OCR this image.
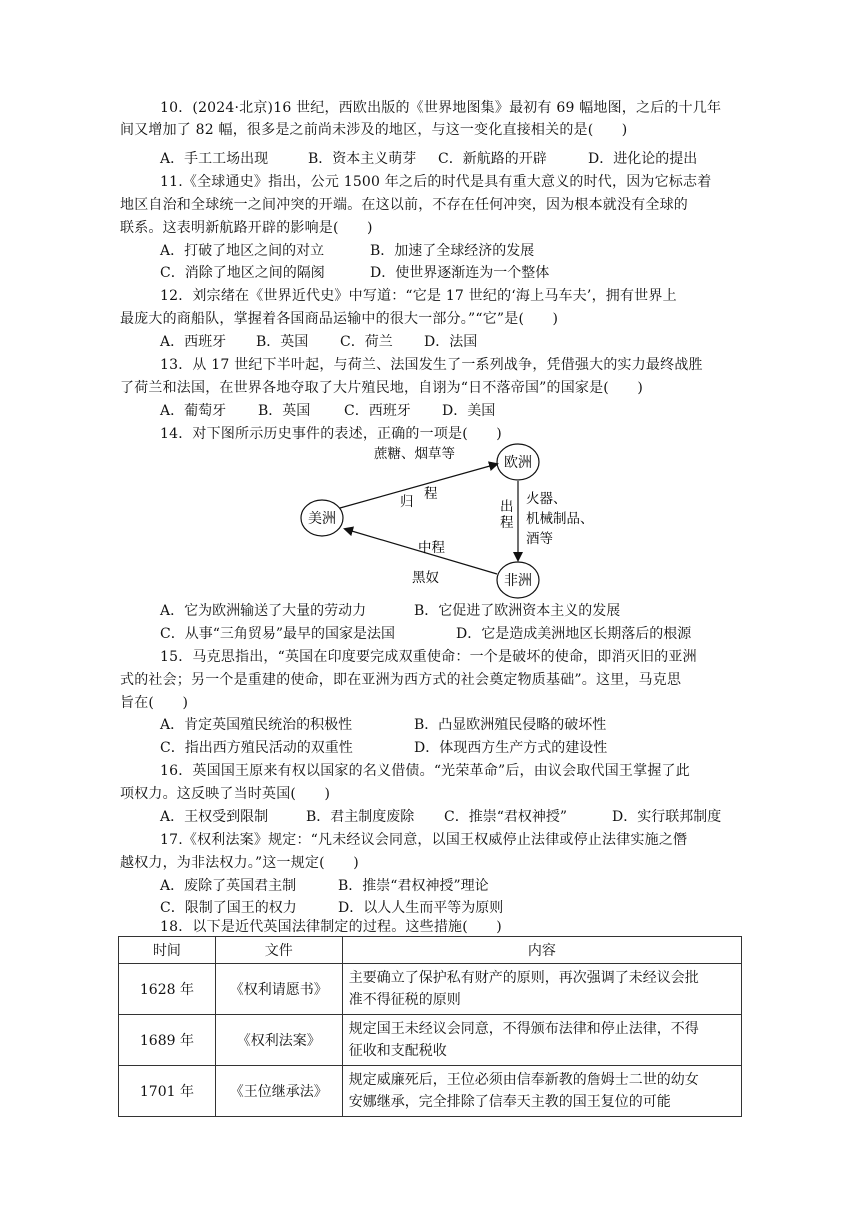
10．(2024·北京)16 世纪，西欧出版的《世界地图集》最初有 69 幅地图，之后的十几年
间又增加了 82 幅，很多是之前尚未涉及的地区，与这一变化直接相关的是(　　)
A．手工工场出现	B．资本主义萌芽 C．新航路的开辟	D．进化论的提出
11.《全球通史》指出，公元 1500 年之后的时代是具有重大意义的时代，因为它标志着
地区自治和全球统一之间冲突的开端。在这以前，不存在任何冲突，因为根本就没有全球的
联系。这表明新航路开辟的影响是(　　)
A．打破了地区之间的对立	B．加速了全球经济的发展
C．消除了地区之间的隔阂	D．使世界逐渐连为一个整体
12．刘宗绪在《世界近代史》中写道：“它是 17 世纪的‘海上马车夫’，拥有世界上
最庞大的商船队，掌握着各国商品运输中的很大一部分。”“它”是(　　)
A．西班牙 B．英国 C．荷兰 D．法国
13．从 17 世纪下半叶起，与荷兰、法国发生了一系列战争，凭借强大的实力最终战胜
了荷兰和法国，在世界各地夺取了大片殖民地，自诩为“日不落帝国”的国家是(　　)
A．葡萄牙 B．英国 C．西班牙 D．美国
14．对下图所示历史事件的表述，正确的一项是(　　)
美洲
欧洲
非洲
蔗糖、烟草等
归 程
出
程
火器、
机械制品、
酒等
中程
黑奴
A．它为欧洲输送了大量的劳动力	B．它促进了欧洲资本主义的发展
C．从事“三角贸易”最早的国家是法国	D．它是造成美洲地区长期落后的根源
15．马克思指出，“英国在印度要完成双重使命：一个是破坏的使命，即消灭旧的亚洲
式的社会；另一个是重建的使命，即在亚洲为西方式的社会奠定物质基础”。这里，马克思
旨在(　　)
A．肯定英国殖民统治的积极性	B．凸显欧洲殖民侵略的破坏性
C．指出西方殖民活动的双重性	D．体现西方生产方式的建设性
16．英国国王原来有权以国家的名义借债。“光荣革命”后，由议会取代国王掌握了此
项权力。这反映了当时英国(　　)
A．王权受到限制	B．君主制度废除 C．推崇“君权神授”	D．实行联邦制度
17.《权利法案》规定：“凡未经议会同意，以国王权威停止法律或停止法律实施之僭
越权力，为非法权力。”这一规定(　　)
A．废除了英国君主制	B．推崇“君权神授”理论
C．限制了国王的权力	D．以人人生而平等为原则
18．以下是近代英国法律制定的过程。这些措施(　　)
时间	文件	内容
1628 年	《权利请愿书》	主要确立了保护私有财产的原则，再次强调了未经议会批
准不得征税的原则

1689 年	《权利法案》	规定国王未经议会同意，不得颁布法律和停止法律，不得
征收和支配税收

1701 年	《王位继承法》	规定威廉死后，王位必须由信奉新教的詹姆士二世的幼女
安娜继承，完全排除了信奉天主教的国王复位的可能
